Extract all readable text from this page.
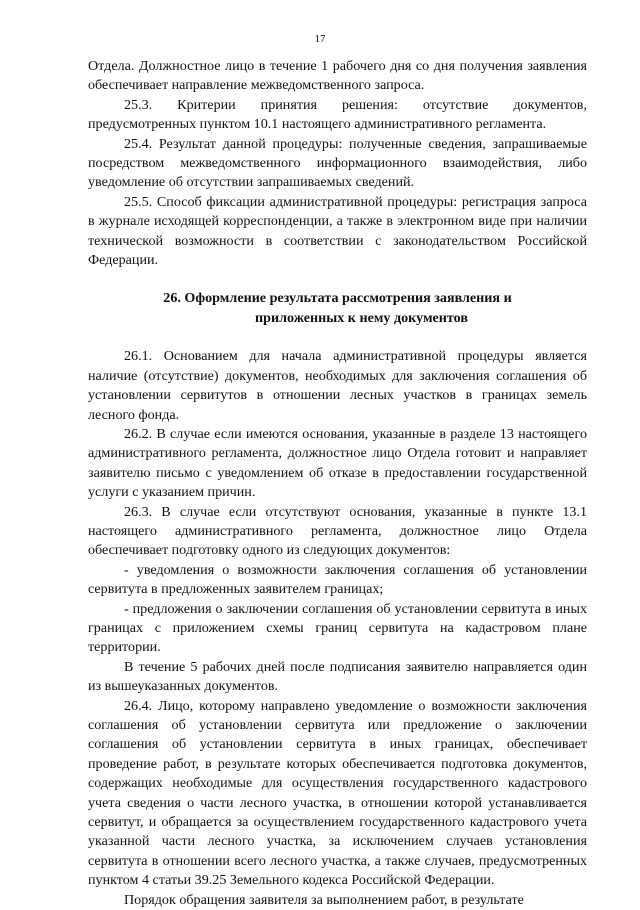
17

Отдела. Должностное лицо в течение 1 рабочего дня со дня получения заявления обеспечивает направление межведомственного запроса.

25.3. Критерии принятия решения: отсутствие документов, предусмотренных пунктом 10.1 настоящего административного регламента.

25.4. Результат данной процедуры: полученные сведения, запрашиваемые посредством межведомственного информационного взаимодействия, либо уведомление об отсутствии запрашиваемых сведений.

25.5. Способ фиксации административной процедуры: регистрация запроса в журнале исходящей корреспонденции, а также в электронном виде при наличии технической возможности в соответствии с законодательством Российской Федерации.

26. Оформление результата рассмотрения заявления и
приложенных к нему документов

26.1. Основанием для начала административной процедуры является наличие (отсутствие) документов, необходимых для заключения соглашения об установлении сервитутов в отношении лесных участков в границах земель лесного фонда.

26.2. В случае если имеются основания, указанные в разделе 13 настоящего административного регламента, должностное лицо Отдела готовит и направляет заявителю письмо с уведомлением об отказе в предоставлении государственной услуги с указанием причин.

26.3. В случае если отсутствуют основания, указанные в пункте 13.1 настоящего административного регламента, должностное лицо Отдела обеспечивает подготовку одного из следующих документов:

- уведомления о возможности заключения соглашения об установлении сервитута в предложенных заявителем границах;

- предложения о заключении соглашения об установлении сервитута в иных границах с приложением схемы границ сервитута на кадастровом плане территории.

В течение 5 рабочих дней после подписания заявителю направляется один из вышеуказанных документов.

26.4. Лицо, которому направлено уведомление о возможности заключения соглашения об установлении сервитута или предложение о заключении соглашения об установлении сервитута в иных границах, обеспечивает проведение работ, в результате которых обеспечивается подготовка документов, содержащих необходимые для осуществления государственного кадастрового учета сведения о части лесного участка, в отношении которой устанавливается сервитут, и обращается за осуществлением государственного кадастрового учета указанной части лесного участка, за исключением случаев установления сервитута в отношении всего лесного участка, а также случаев, предусмотренных пунктом 4 статьи 39.25 Земельного кодекса Российской Федерации.

Порядок обращения заявителя за выполнением работ, в результате
